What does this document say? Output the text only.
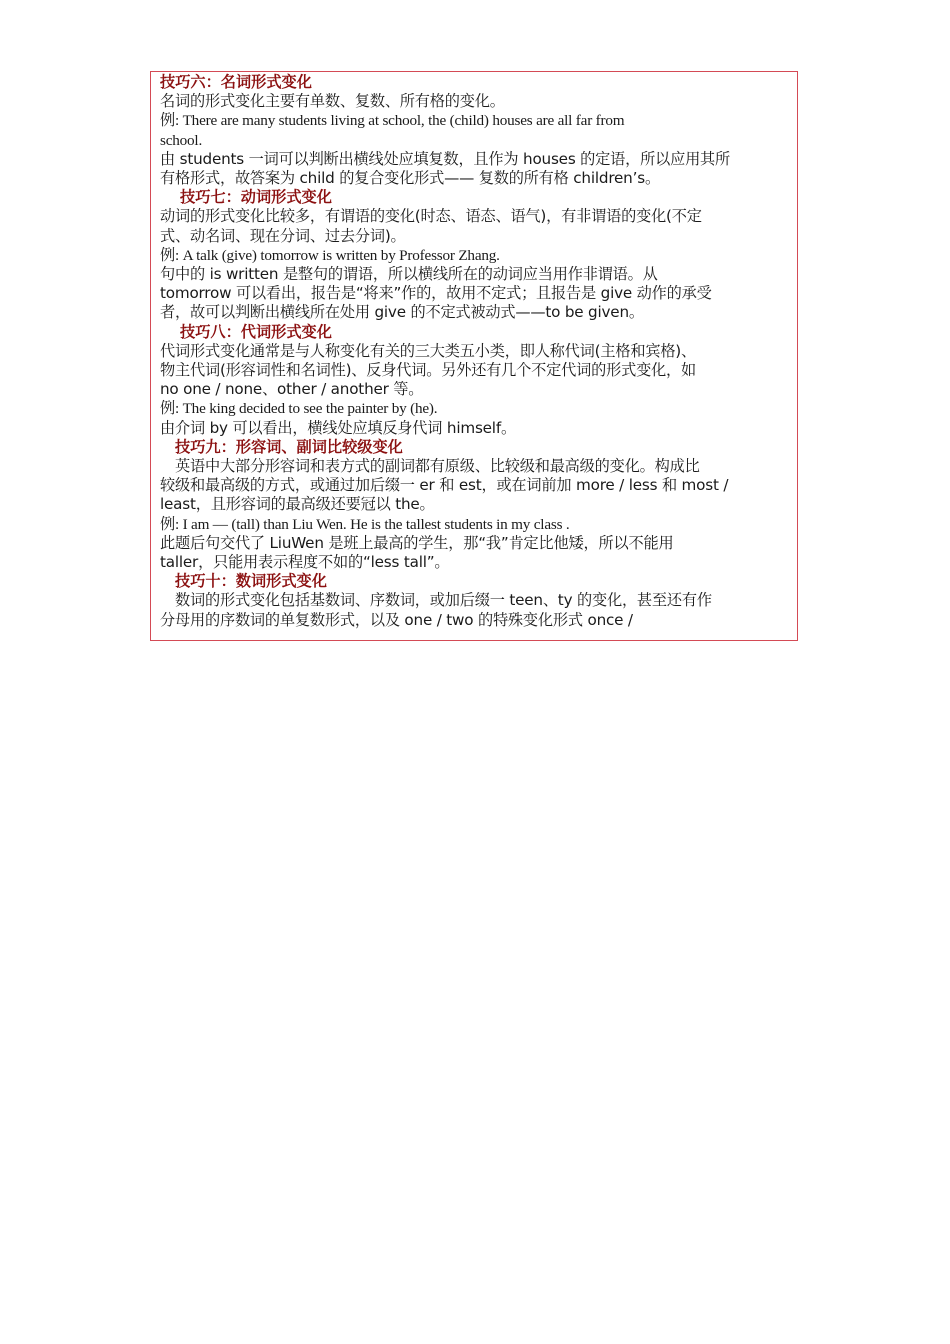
技巧六：名词形式变化
名词的形式变化主要有单数、复数、所有格的变化。
例: There are many students living at school, the (child) houses are all far from
school.
由 students 一词可以判断出横线处应填复数，且作为 houses 的定语，所以应用其所
有格形式，故答案为 child 的复合变化形式—— 复数的所有格 children’s。
技巧七：动词形式变化
动词的形式变化比较多，有谓语的变化(时态、语态、语气)，有非谓语的变化(不定
式、动名词、现在分词、过去分词)。
例: A talk (give) tomorrow is written by Professor Zhang.
句中的 is written 是整句的谓语，所以横线所在的动词应当用作非谓语。从
tomorrow 可以看出，报告是“将来”作的，故用不定式；且报告是 give 动作的承受
者，故可以判断出横线所在处用 give 的不定式被动式——to be given。
技巧八：代词形式变化
代词形式变化通常是与人称变化有关的三大类五小类，即人称代词(主格和宾格)、
物主代词(形容词性和名词性)、反身代词。另外还有几个不定代词的形式变化，如
no one / none、other / another 等。
例: The king decided to see the painter by (he).
由介词 by 可以看出，横线处应填反身代词 himself。
技巧九：形容词、副词比较级变化
英语中大部分形容词和表方式的副词都有原级、比较级和最高级的变化。构成比
较级和最高级的方式，或通过加后缀一 er 和 est，或在词前加 more / less 和 most /
least，且形容词的最高级还要冠以 the。
例: I am — (tall) than Liu Wen. He is the tallest students in my class .
此题后句交代了 LiuWen 是班上最高的学生，那“我”肯定比他矮，所以不能用
taller，只能用表示程度不如的“less tall”。
技巧十：数词形式变化
数词的形式变化包括基数词、序数词，或加后缀一 teen、ty 的变化，甚至还有作
分母用的序数词的单复数形式，以及 one / two 的特殊变化形式 once /
